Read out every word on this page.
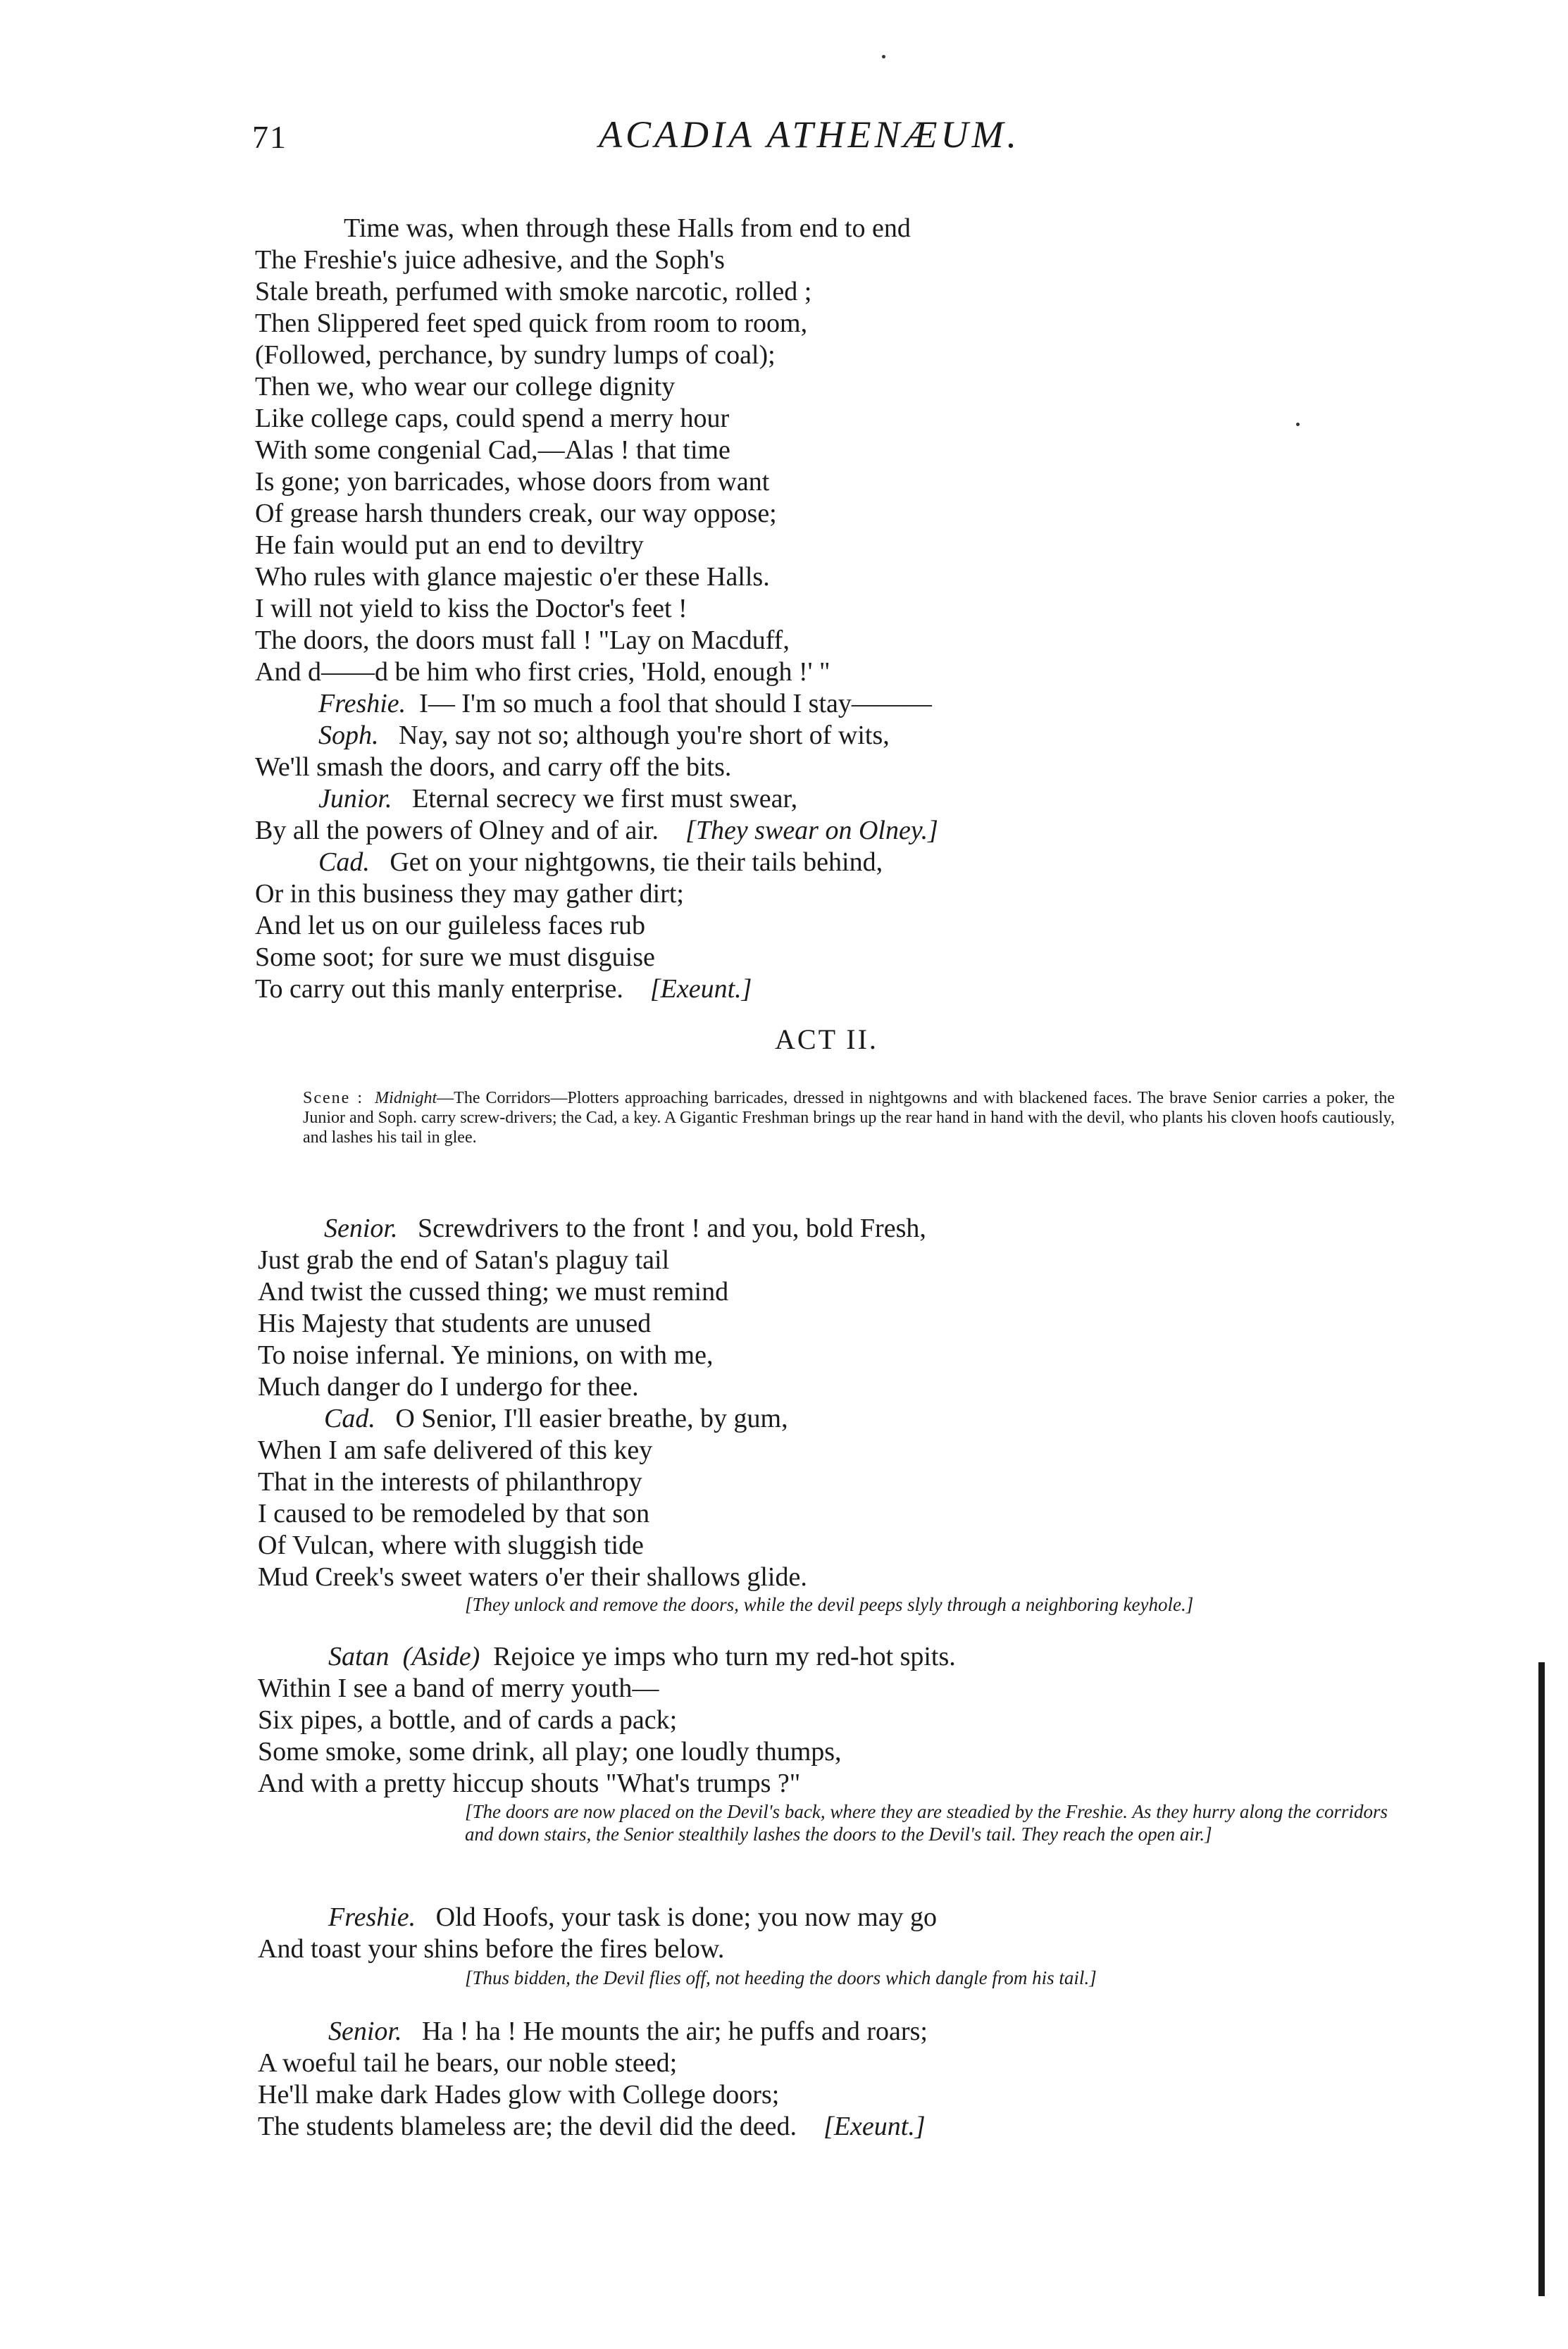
71	ACADIA ATHENÆUM.
Time was, when through these Halls from end to end
The Freshie's juice adhesive, and the Soph's
Stale breath, perfumed with smoke narcotic, rolled ;
Then Slippered feet sped quick from room to room,
(Followed, perchance, by sundry lumps of coal);
Then we, who wear our college dignity
Like college caps, could spend a merry hour
With some congenial Cad,—Alas ! that time
Is gone; yon barricades, whose doors from want
Of grease harsh thunders creak, our way oppose;
He fain would put an end to deviltry
Who rules with glance majestic o'er these Halls.
I will not yield to kiss the Doctor's feet !
The doors, the doors must fall ! "Lay on Macduff,
And d——d be him who first cries, 'Hold, enough !' "
Freshie. I— I'm so much a fool that should I stay———
Soph. Nay, say not so; although you're short of wits,
We'll smash the doors, and carry off the bits.
Junior. Eternal secrecy we first must swear,
By all the powers of Olney and of air. [They swear on Olney.]
Cad. Get on your nightgowns, tie their tails behind,
Or in this business they may gather dirt;
And let us on our guileless faces rub
Some soot; for sure we must disguise
To carry out this manly enterprise. [Exeunt.]
ACT II.
Scene : Midnight—The Corridors—Plotters approaching barricades, dressed in nightgowns and with blackened faces. The brave Senior carries a poker, the Junior and Soph. carry screw-drivers; the Cad, a key. A Gigantic Freshman brings up the rear hand in hand with the devil, who plants his cloven hoofs cautiously, and lashes his tail in glee.
Senior. Screwdrivers to the front ! and you, bold Fresh,
Just grab the end of Satan's plaguy tail
And twist the cussed thing; we must remind
His Majesty that students are unused
To noise infernal. Ye minions, on with me,
Much danger do I undergo for thee.
Cad. O Senior, I'll easier breathe, by gum,
When I am safe delivered of this key
That in the interests of philanthropy
I caused to be remodeled by that son
Of Vulcan, where with sluggish tide
Mud Creek's sweet waters o'er their shallows glide.
[They unlock and remove the doors, while the devil peeps slyly through a neighboring keyhole.]
Satan (Aside) Rejoice ye imps who turn my red-hot spits.
Within I see a band of merry youth—
Six pipes, a bottle, and of cards a pack;
Some smoke, some drink, all play; one loudly thumps,
And with a pretty hiccup shouts "What's trumps ?"
[The doors are now placed on the Devil's back, where they are steadied by the Freshie. As they hurry along the corridors and down stairs, the Senior stealthily lashes the doors to the Devil's tail. They reach the open air.]
Freshie. Old Hoofs, your task is done; you now may go
And toast your shins before the fires below.
[Thus bidden, the Devil flies off, not heeding the doors which dangle from his tail.]
Senior. Ha ! ha ! He mounts the air; he puffs and roars;
A woeful tail he bears, our noble steed;
He'll make dark Hades glow with College doors;
The students blameless are; the devil did the deed. [Exeunt.]
